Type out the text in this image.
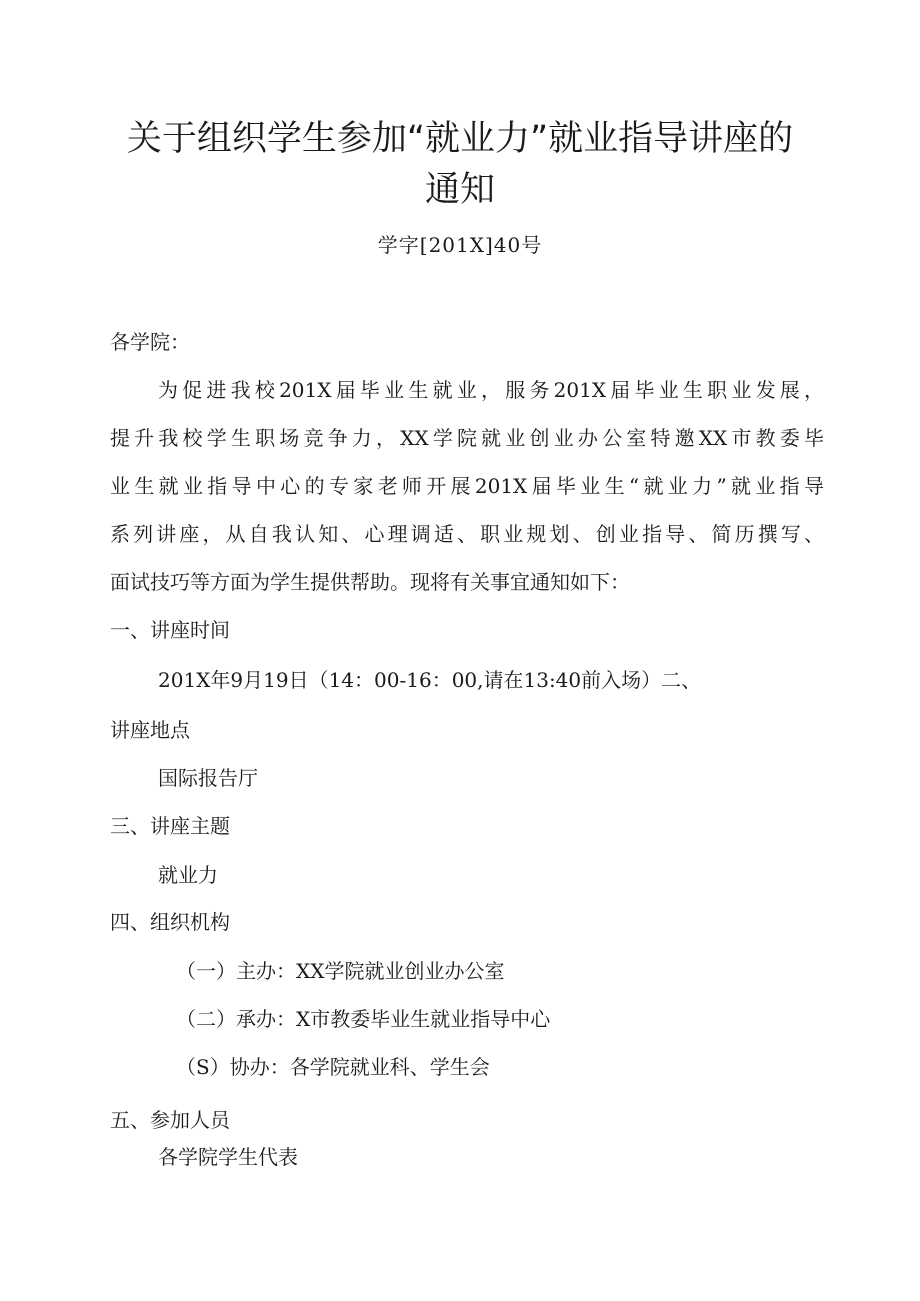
关于组织学生参加“就业力”就业指导讲座的
通知
学字[201X]40号
各学院：
为促进我校201X届毕业生就业，服务201X届毕业生职业发展，
提升我校学生职场竞争力，XX学院就业创业办公室特邀XX市教委毕
业生就业指导中心的专家老师开展201X届毕业生“就业力”就业指导
系列讲座，从自我认知、心理调适、职业规划、创业指导、简历撰写、
面试技巧等方面为学生提供帮助。现将有关事宜通知如下：
一、讲座时间
201X年9月19日（14：00-16：00,请在13:40前入场）二、
讲座地点
国际报告厅
三、讲座主题
就业力
四、组织机构
（一）主办：XX学院就业创业办公室
（二）承办：X市教委毕业生就业指导中心
（S）协办：各学院就业科、学生会
五、参加人员
各学院学生代表
